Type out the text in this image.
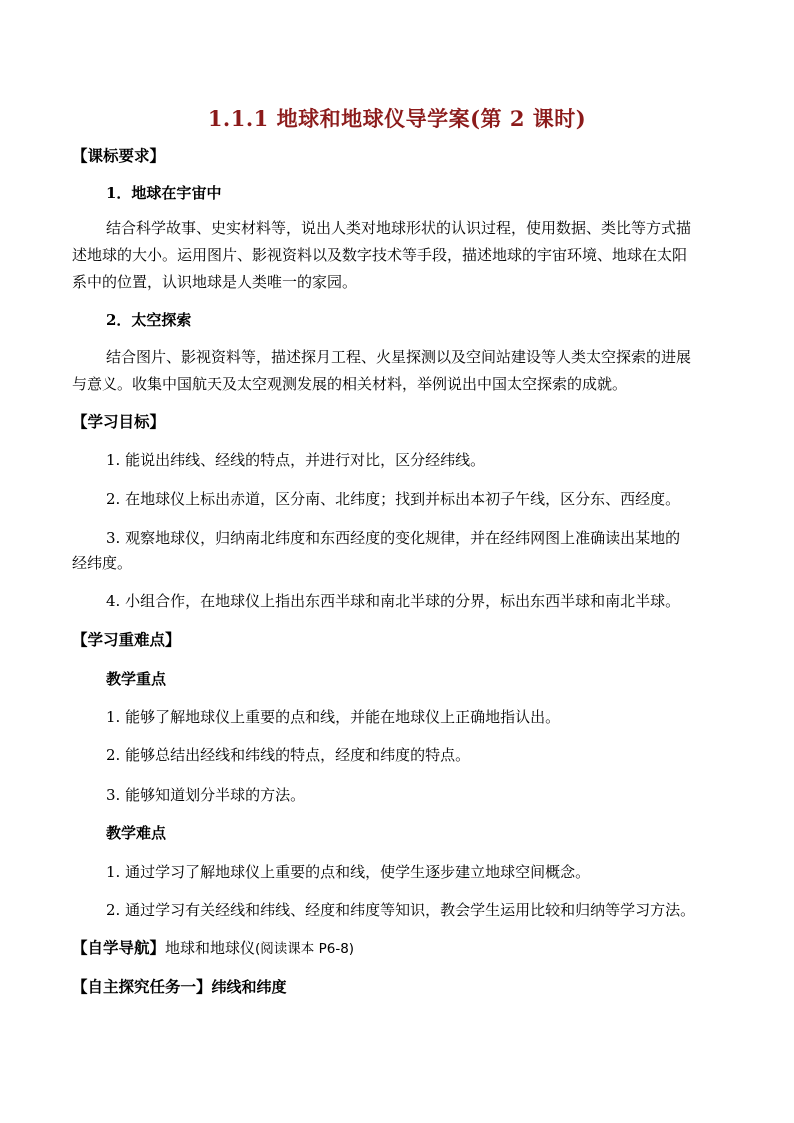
1.1.1 地球和地球仪导学案(第 2 课时)
【课标要求】
1．地球在宇宙中
结合科学故事、史实材料等，说出人类对地球形状的认识过程，使用数据、类比等方式描
述地球的大小。运用图片、影视资料以及数字技术等手段，描述地球的宇宙环境、地球在太阳
系中的位置，认识地球是人类唯一的家园。
2．太空探索
结合图片、影视资料等，描述探月工程、火星探测以及空间站建设等人类太空探索的进展
与意义。收集中国航天及太空观测发展的相关材料，举例说出中国太空探索的成就。
【学习目标】
1. 能说出纬线、经线的特点，并进行对比，区分经纬线。
2. 在地球仪上标出赤道，区分南、北纬度；找到并标出本初子午线，区分东、西经度。
3. 观察地球仪，归纳南北纬度和东西经度的变化规律，并在经纬网图上准确读出某地的
经纬度。
4. 小组合作，在地球仪上指出东西半球和南北半球的分界，标出东西半球和南北半球。
【学习重难点】
教学重点
1. 能够了解地球仪上重要的点和线，并能在地球仪上正确地指认出。
2. 能够总结出经线和纬线的特点，经度和纬度的特点。
3. 能够知道划分半球的方法。
教学难点
1. 通过学习了解地球仪上重要的点和线，使学生逐步建立地球空间概念。
2. 通过学习有关经线和纬线、经度和纬度等知识，教会学生运用比较和归纳等学习方法。
【自学导航】地球和地球仪(阅读课本 P6-8)
【自主探究任务一】纬线和纬度
